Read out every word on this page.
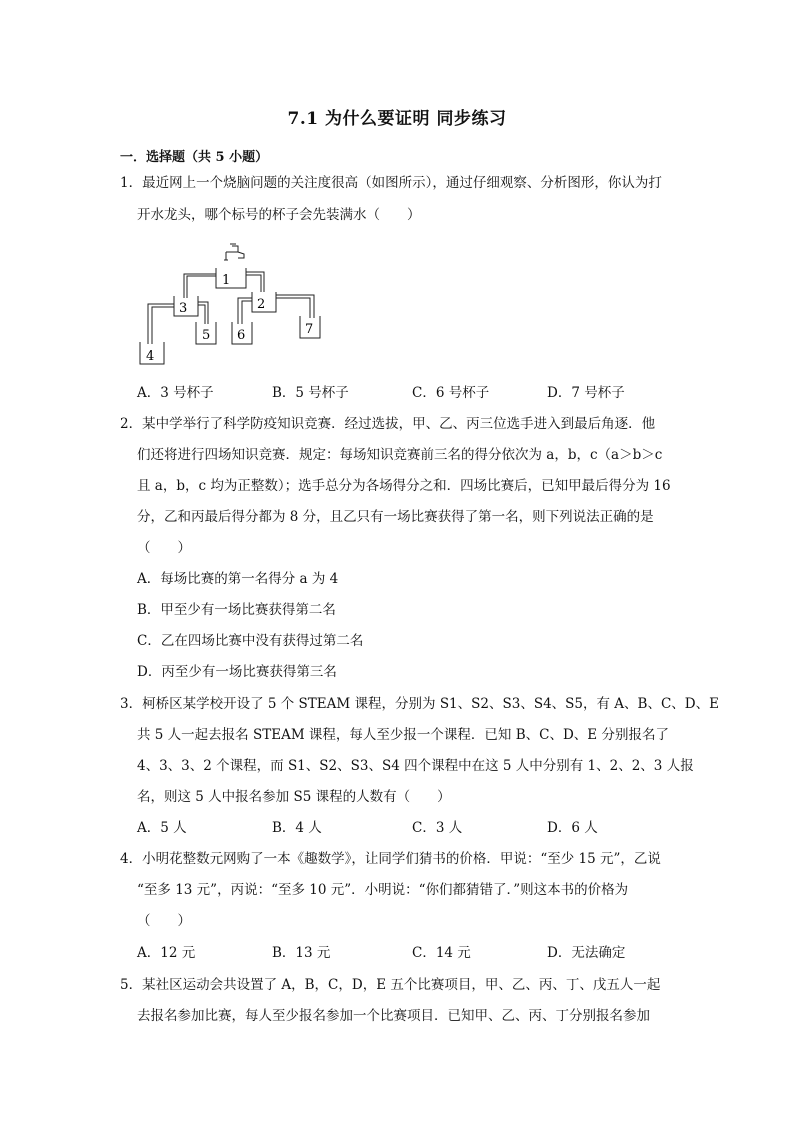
7.1 为什么要证明 同步练习
一．选择题（共 5 小题）
1．最近网上一个烧脑问题的关注度很高（如图所示），通过仔细观察、分析图形，你认为打
开水龙头，哪个标号的杯子会先装满水（　　）
1
2
3
4
5 6	7
A．3 号杯子	B．5 号杯子	C．6 号杯子	D．7 号杯子
2．某中学举行了科学防疫知识竞赛．经过选拔，甲、乙、丙三位选手进入到最后角逐．他
们还将进行四场知识竞赛．规定：每场知识竞赛前三名的得分依次为 a，b，c（a＞b＞c
且 a，b，c 均为正整数）；选手总分为各场得分之和．四场比赛后，已知甲最后得分为 16
分，乙和丙最后得分都为 8 分，且乙只有一场比赛获得了第一名，则下列说法正确的是
（　　）
A．每场比赛的第一名得分 a 为 4
B．甲至少有一场比赛获得第二名
C．乙在四场比赛中没有获得过第二名
D．丙至少有一场比赛获得第三名
3．柯桥区某学校开设了 5 个 STEAM 课程，分别为 S1、S2、S3、S4、S5，有 A、B、C、D、E
共 5 人一起去报名 STEAM 课程，每人至少报一个课程．已知 B、C、D、E 分别报名了
4、3、3、2 个课程，而 S1、S2、S3、S4 四个课程中在这 5 人中分别有 1、2、2、3 人报
名，则这 5 人中报名参加 S5 课程的人数有（　　）
A．5 人	B．4 人	C．3 人	D．6 人
4．小明花整数元网购了一本《趣数学》，让同学们猜书的价格．甲说：“至少 15 元”，乙说
“至多 13 元”，丙说：“至多 10 元”．小明说：“你们都猜错了．”则这本书的价格为
（　　）
A．12 元	B．13 元	C．14 元	D．无法确定
5．某社区运动会共设置了 A，B，C，D，E 五个比赛项目，甲、乙、丙、丁、戊五人一起
去报名参加比赛，每人至少报名参加一个比赛项目．已知甲、乙、丙、丁分别报名参加
